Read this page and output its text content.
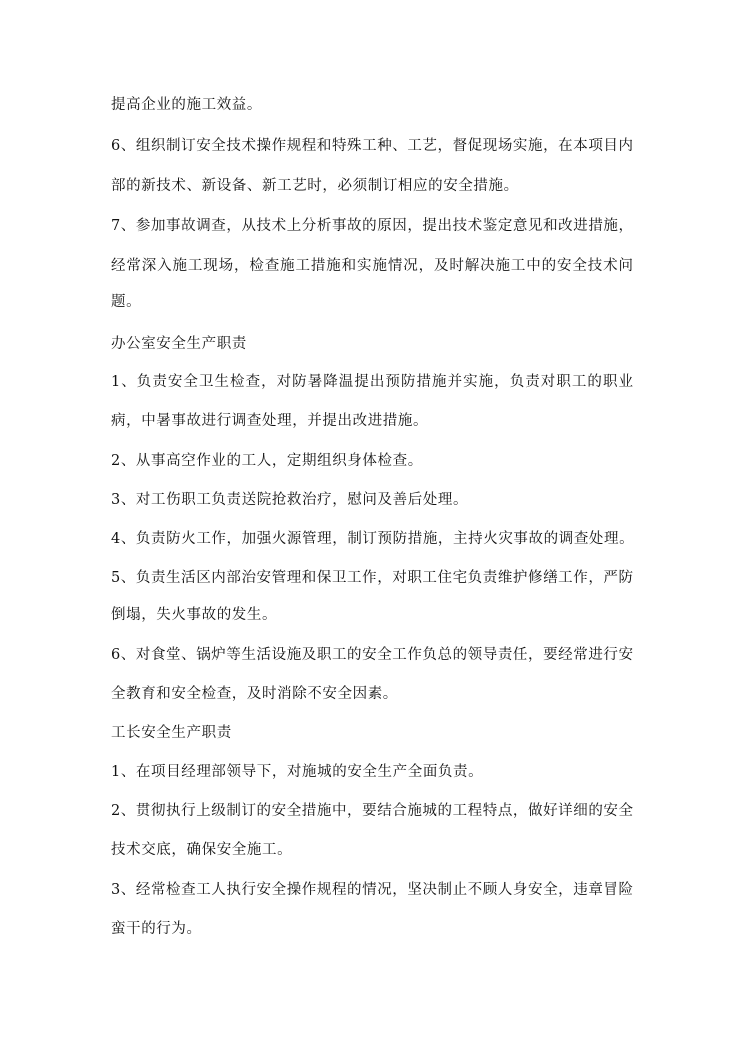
提高企业的施工效益。
6、组织制订安全技术操作规程和特殊工种、工艺，督促现场实施，在本项目内
部的新技术、新设备、新工艺时，必须制订相应的安全措施。
7、参加事故调查，从技术上分析事故的原因，提出技术鉴定意见和改进措施，
经常深入施工现场，检查施工措施和实施情况，及时解决施工中的安全技术问
题。
办公室安全生产职责
1、负责安全卫生检查，对防暑降温提出预防措施并实施，负责对职工的职业
病，中暑事故进行调查处理，并提出改进措施。
2、从事高空作业的工人，定期组织身体检查。
3、对工伤职工负责送院抢救治疗，慰问及善后处理。
4、负责防火工作，加强火源管理，制订预防措施，主持火灾事故的调查处理。
5、负责生活区内部治安管理和保卫工作，对职工住宅负责维护修缮工作，严防
倒塌，失火事故的发生。
6、对食堂、锅炉等生活设施及职工的安全工作负总的领导责任，要经常进行安
全教育和安全检查，及时消除不安全因素。
工长安全生产职责
1、在项目经理部领导下，对施城的安全生产全面负责。
2、贯彻执行上级制订的安全措施中，要结合施城的工程特点，做好详细的安全
技术交底，确保安全施工。
3、经常检查工人执行安全操作规程的情况，坚决制止不顾人身安全，违章冒险
蛮干的行为。
